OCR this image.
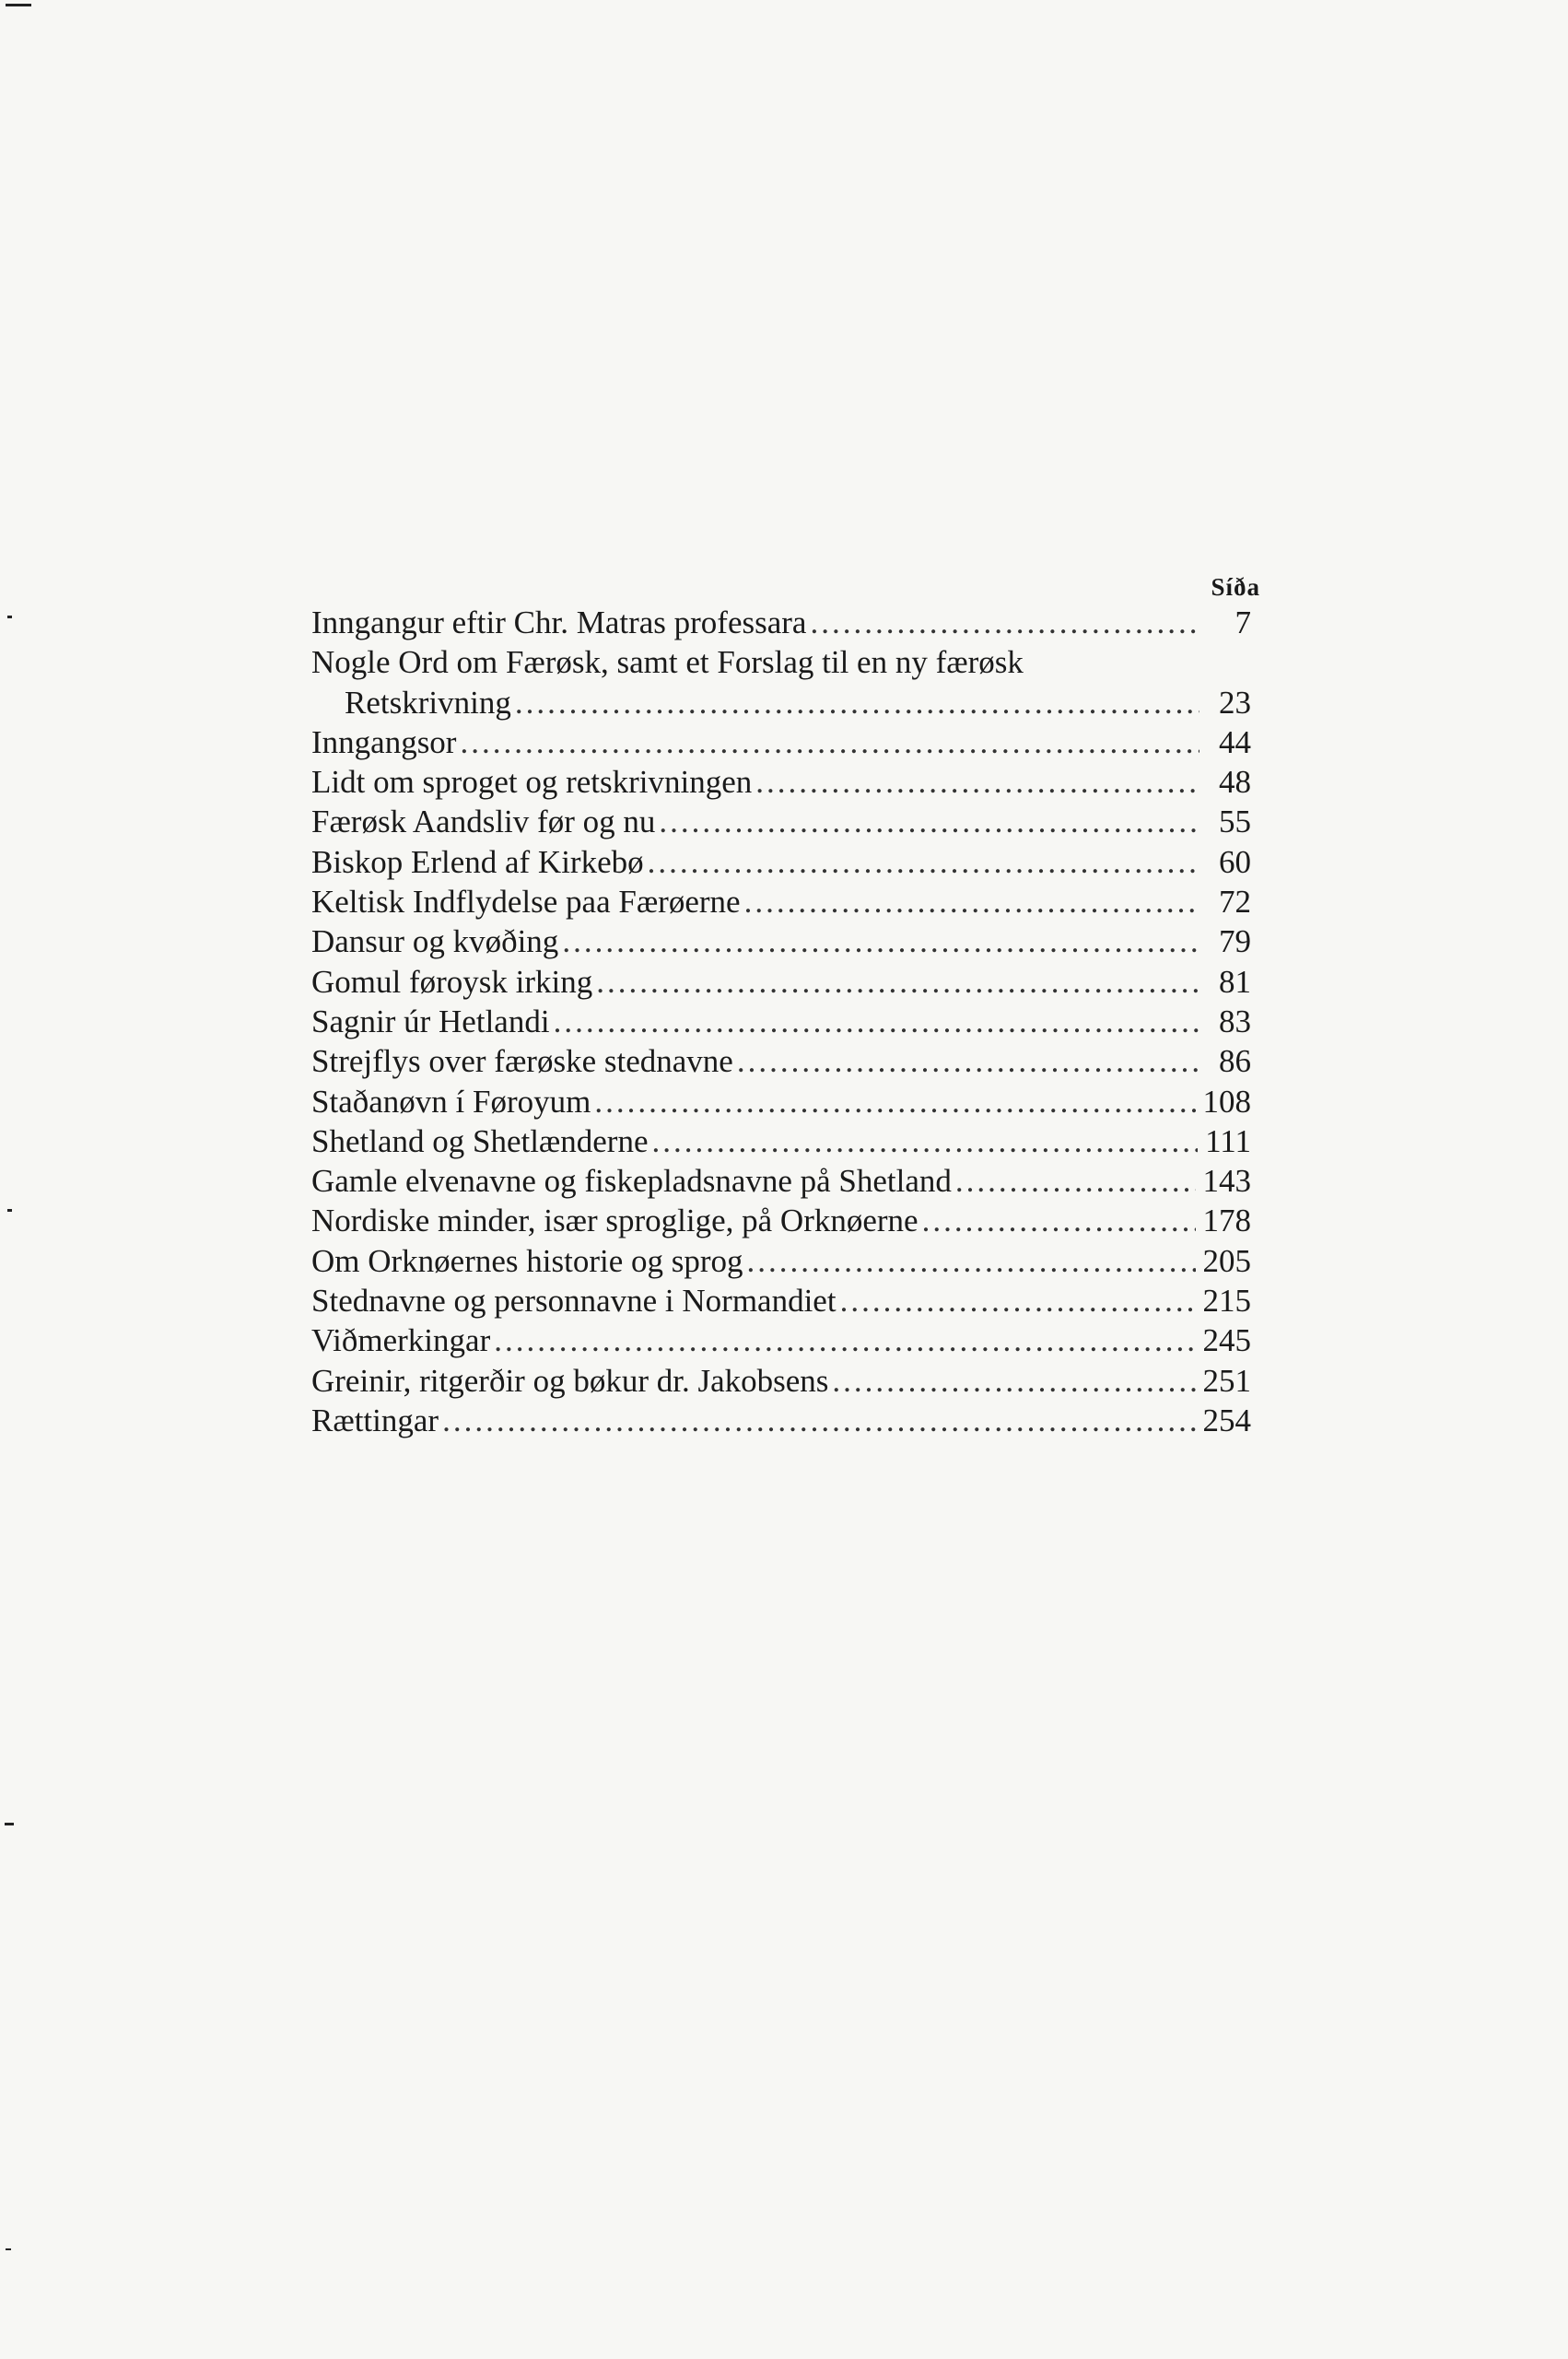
Síða
Inngangur eftir Chr. Matras professara .....	7
Nogle Ord om Færøsk, samt et Forslag til en ny færøsk
Retskrivning .....	23
Inngangsor .....	44
Lidt om sproget og retskrivningen .....	48
Færøsk Aandsliv før og nu .....	55
Biskop Erlend af Kirkebø .....	60
Keltisk Indflydelse paa Færøerne .....	72
Dansur og kvøðing .....	79
Gomul føroysk irking .....	81
Sagnir úr Hetlandi .....	83
Strejflys over færøske stednavne .....	86
Staðanøvn í Føroyum .....	108
Shetland og Shetlænderne .....	111
Gamle elvenavne og fiskepladsnavne på Shetland .....	143
Nordiske minder, især sproglige, på Orknøerne .....	178
Om Orknøernes historie og sprog .....	205
Stednavne og personnavne i Normandiet .....	215
Viðmerkingar .....	245
Greinir, ritgerðir og bøkur dr. Jakobsens .....	251
Rættingar .....	254
